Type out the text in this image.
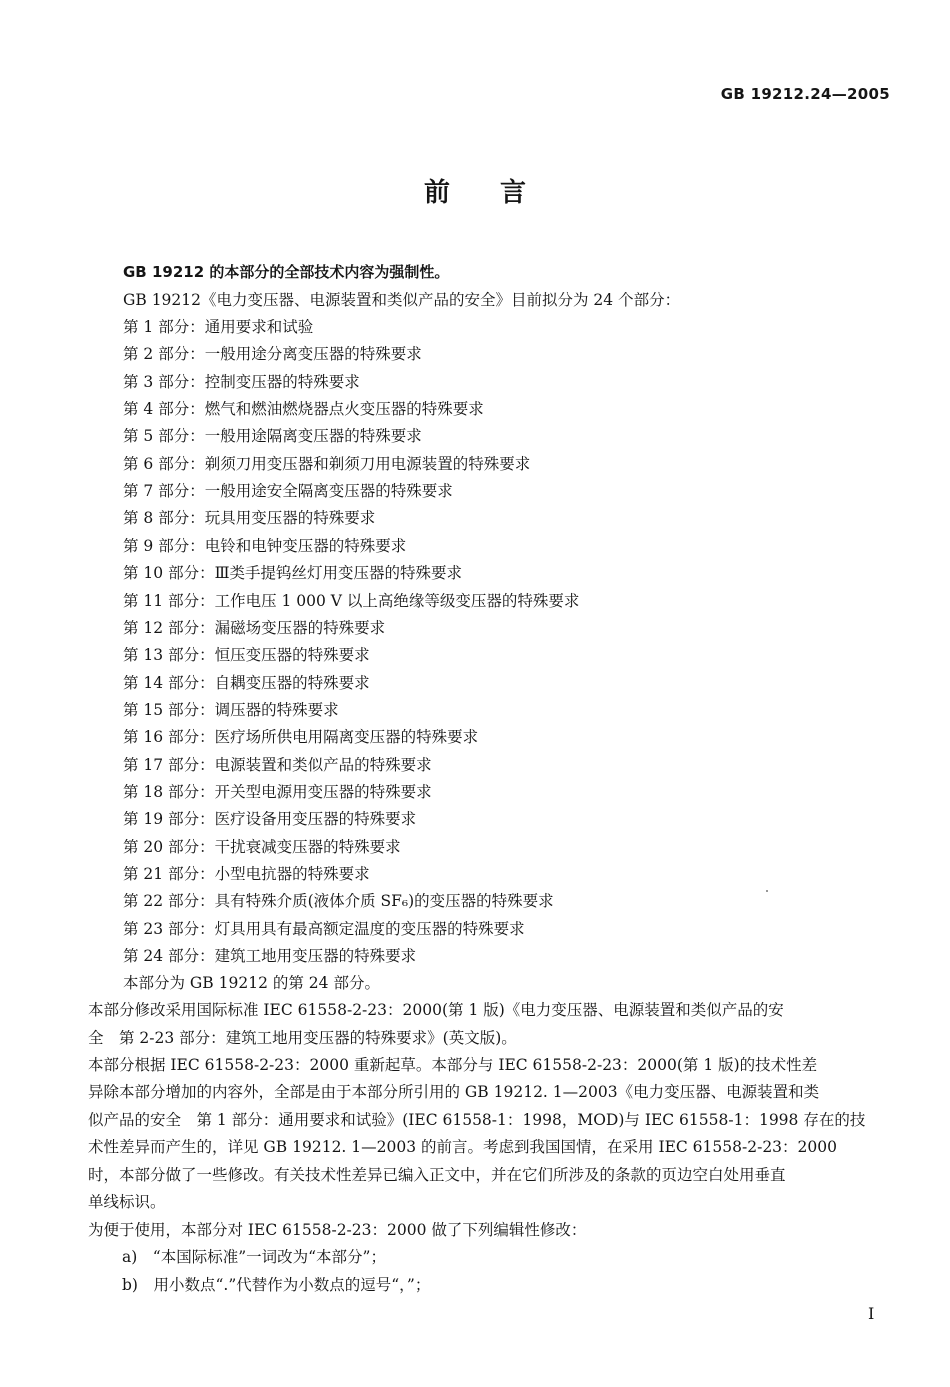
GB 19212.24—2005
前言
GB 19212 的本部分的全部技术内容为强制性。
GB 19212《电力变压器、电源装置和类似产品的安全》目前拟分为 24 个部分：
第 1 部分：通用要求和试验
第 2 部分：一般用途分离变压器的特殊要求
第 3 部分：控制变压器的特殊要求
第 4 部分：燃气和燃油燃烧器点火变压器的特殊要求
第 5 部分：一般用途隔离变压器的特殊要求
第 6 部分：剃须刀用变压器和剃须刀用电源装置的特殊要求
第 7 部分：一般用途安全隔离变压器的特殊要求
第 8 部分：玩具用变压器的特殊要求
第 9 部分：电铃和电钟变压器的特殊要求
第 10 部分：Ⅲ类手提钨丝灯用变压器的特殊要求
第 11 部分：工作电压 1 000 V 以上高绝缘等级变压器的特殊要求
第 12 部分：漏磁场变压器的特殊要求
第 13 部分：恒压变压器的特殊要求
第 14 部分：自耦变压器的特殊要求
第 15 部分：调压器的特殊要求
第 16 部分：医疗场所供电用隔离变压器的特殊要求
第 17 部分：电源装置和类似产品的特殊要求
第 18 部分：开关型电源用变压器的特殊要求
第 19 部分：医疗设备用变压器的特殊要求
第 20 部分：干扰衰减变压器的特殊要求
第 21 部分：小型电抗器的特殊要求
第 22 部分：具有特殊介质(液体介质 SF₆)的变压器的特殊要求
第 23 部分：灯具用具有最高额定温度的变压器的特殊要求
第 24 部分：建筑工地用变压器的特殊要求
本部分为 GB 19212 的第 24 部分。
本部分修改采用国际标准 IEC 61558-2-23：2000(第 1 版)《电力变压器、电源装置和类似产品的安
全　第 2-23 部分：建筑工地用变压器的特殊要求》(英文版)。
本部分根据 IEC 61558-2-23：2000 重新起草。本部分与 IEC 61558-2-23：2000(第 1 版)的技术性差
异除本部分增加的内容外，全部是由于本部分所引用的 GB 19212. 1—2003《电力变压器、电源装置和类
似产品的安全　第 1 部分：通用要求和试验》(IEC 61558-1：1998，MOD)与 IEC 61558-1：1998 存在的技
术性差异而产生的，详见 GB 19212. 1—2003 的前言。考虑到我国国情，在采用 IEC 61558-2-23：2000
时，本部分做了一些修改。有关技术性差异已编入正文中，并在它们所涉及的条款的页边空白处用垂直
单线标识。
为便于使用，本部分对 IEC 61558-2-23：2000 做了下列编辑性修改：
a)　“本国际标准”一词改为“本部分”；
b)　用小数点“.”代替作为小数点的逗号“，”；
I
